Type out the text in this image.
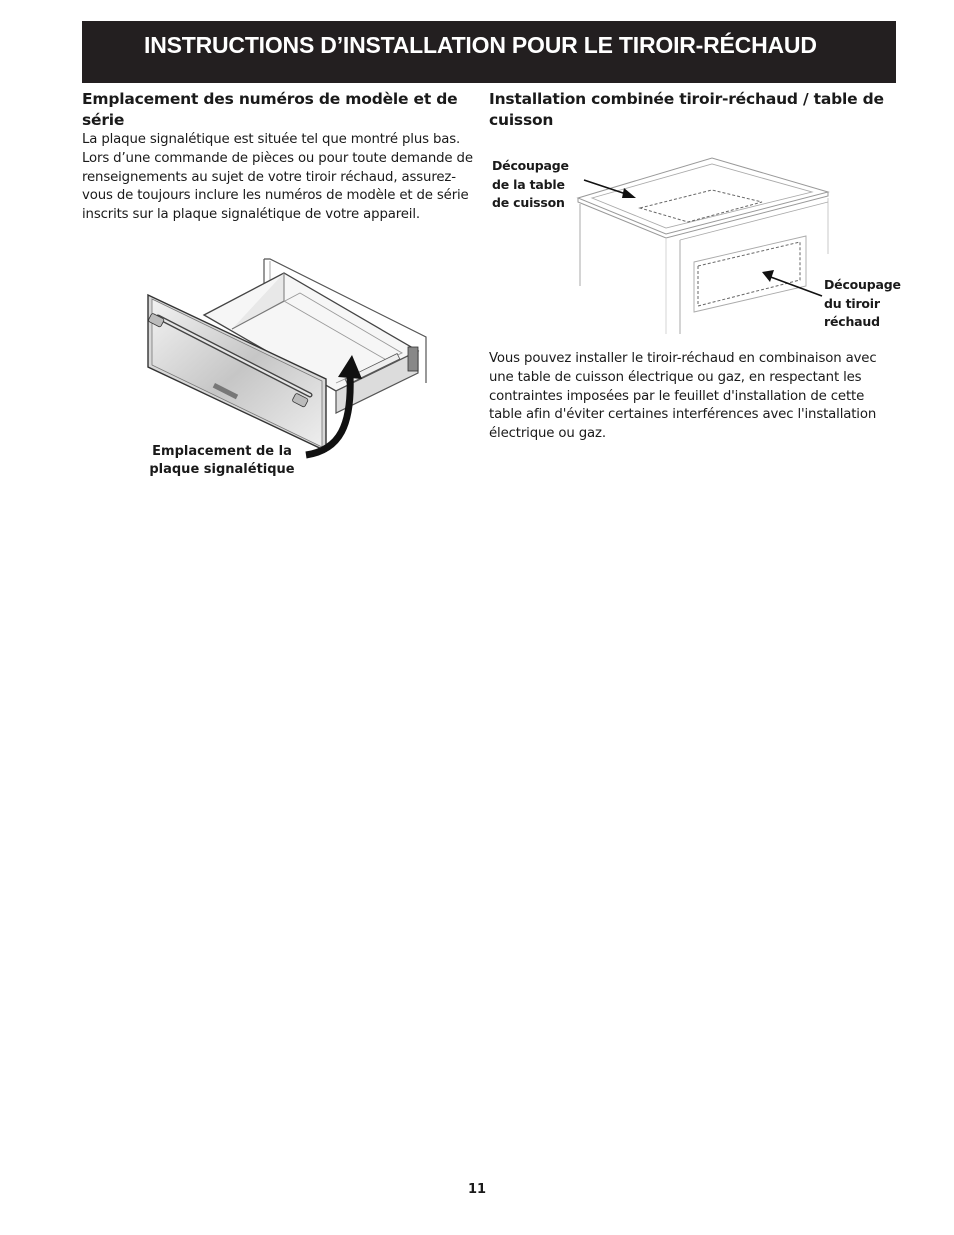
INSTRUCTIONS D’INSTALLATION POUR LE TIROIR-RÉCHAUD
Emplacement des numéros de modèle et de série

La plaque signalétique est située tel que montré plus bas. Lors d’une commande de pièces ou pour toute demande de renseignements au sujet de votre tiroir réchaud, assurez-vous de toujours inclure les numéros de modèle et de série inscrits sur la plaque signalétique de votre appareil.

Emplacement de la
plaque signalétique
Installation combinée tiroir-réchaud / table de cuisson
Découpage
de la table
de cuisson
Découpage
du tiroir
réchaud

Vous pouvez installer le tiroir-réchaud en combinaison avec une table de cuisson électrique ou gaz, en respectant les contraintes imposées par le feuillet d'installation de cette table afin d'éviter certaines interférences avec l'installation électrique ou gaz.

11
